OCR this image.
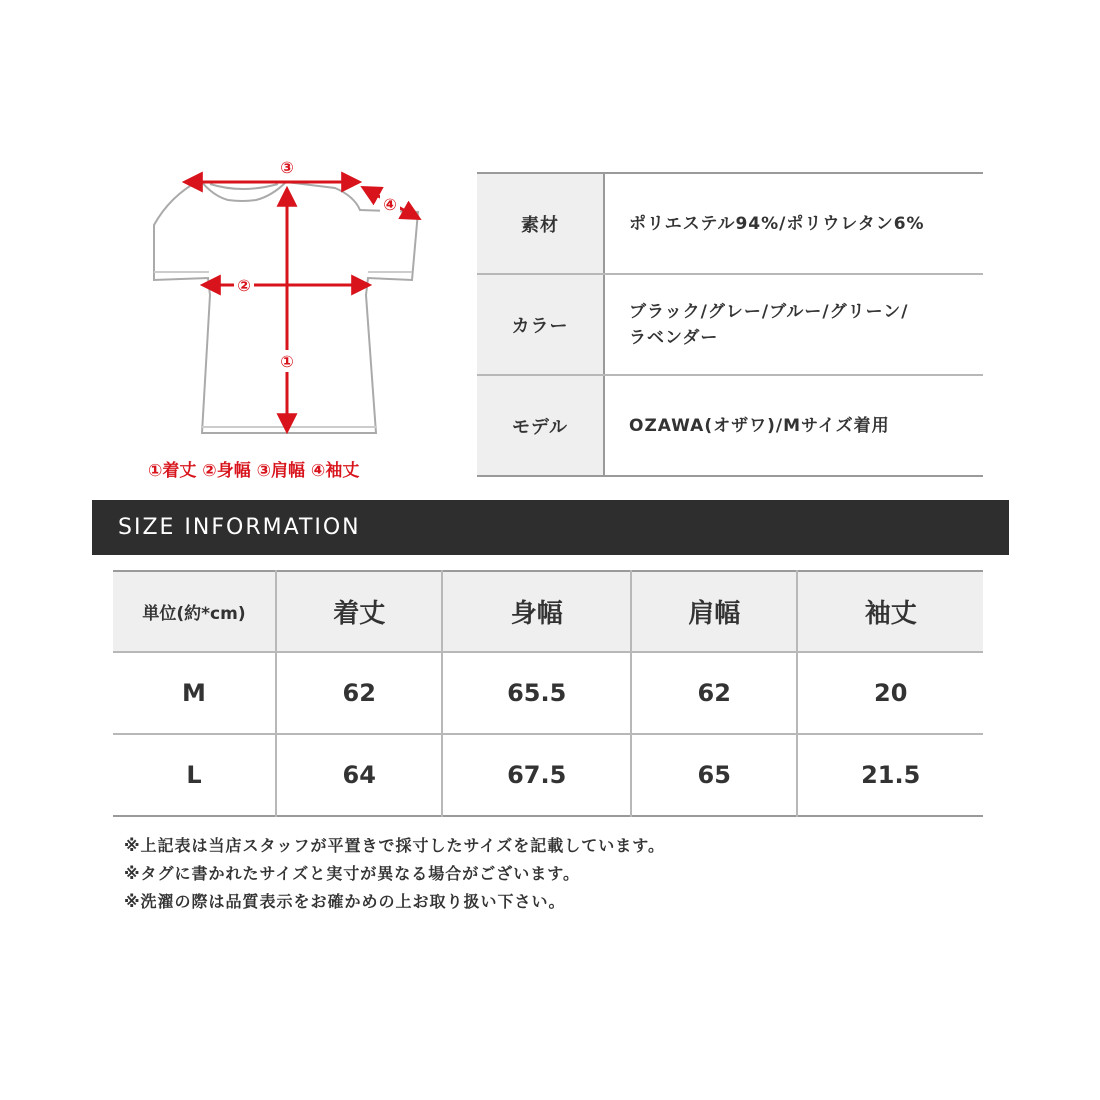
③
④
②
①
①着丈 ②身幅 ③肩幅 ④袖丈
素材	ポリエステル94%/ポリウレタン6%
カラー	ブラック/グレー/ブルー/グリーン/
ラベンダー
モデル	OZAWA(オザワ)/Mサイズ着用
SIZE INFORMATION
単位(約*cm)	着丈	身幅	肩幅	袖丈
M	62	65.5	62	20
L	64	67.5	65	21.5
※上記表は当店スタッフが平置きで採寸したサイズを記載しています。
※タグに書かれたサイズと実寸が異なる場合がございます。
※洗濯の際は品質表示をお確かめの上お取り扱い下さい。
